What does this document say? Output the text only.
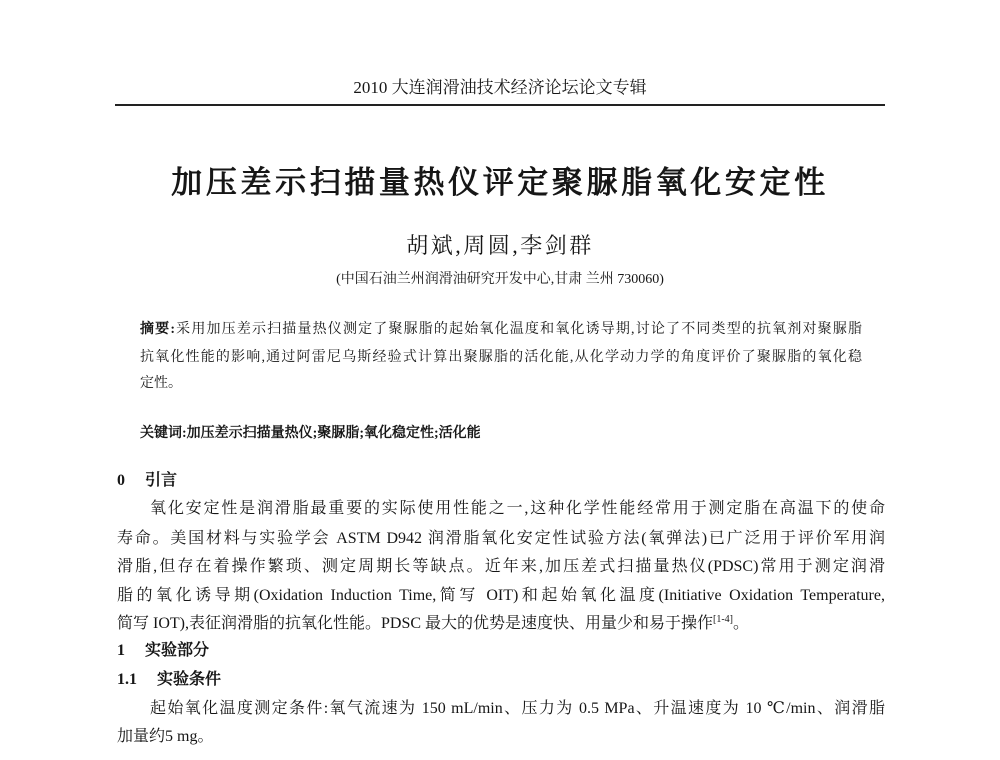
2010 大连润滑油技术经济论坛论文专辑
加压差示扫描量热仪评定聚脲脂氧化安定性
胡斌,周圆,李剑群
(中国石油兰州润滑油研究开发中心,甘肃 兰州 730060)
摘要:采用加压差示扫描量热仪测定了聚脲脂的起始氧化温度和氧化诱导期,讨论了不同类型的抗氧剂对聚脲脂
抗氧化性能的影响,通过阿雷尼乌斯经验式计算出聚脲脂的活化能,从化学动力学的角度评价了聚脲脂的氧化稳
定性。
关键词:加压差示扫描量热仪;聚脲脂;氧化稳定性;活化能
0 引言
氧化安定性是润滑脂最重要的实际使用性能之一,这种化学性能经常用于测定脂在高温下的使命
寿命。美国材料与实验学会 ASTM D942 润滑脂氧化安定性试验方法(氧弹法)已广泛用于评价军用润
滑脂,但存在着操作繁琐、测定周期长等缺点。近年来,加压差式扫描量热仪(PDSC)常用于测定润滑
脂的氧化诱导期(Oxidation Induction Time,简写 OIT)和起始氧化温度(Initiative Oxidation Temperature,
简写 IOT),表征润滑脂的抗氧化性能。PDSC 最大的优势是速度快、用量少和易于操作[1-4]。
1 实验部分
1.1 实验条件
起始氧化温度测定条件:氧气流速为 150 mL/min、压力为 0.5 MPa、升温速度为 10 ℃/min、润滑脂
加量约5 mg。
